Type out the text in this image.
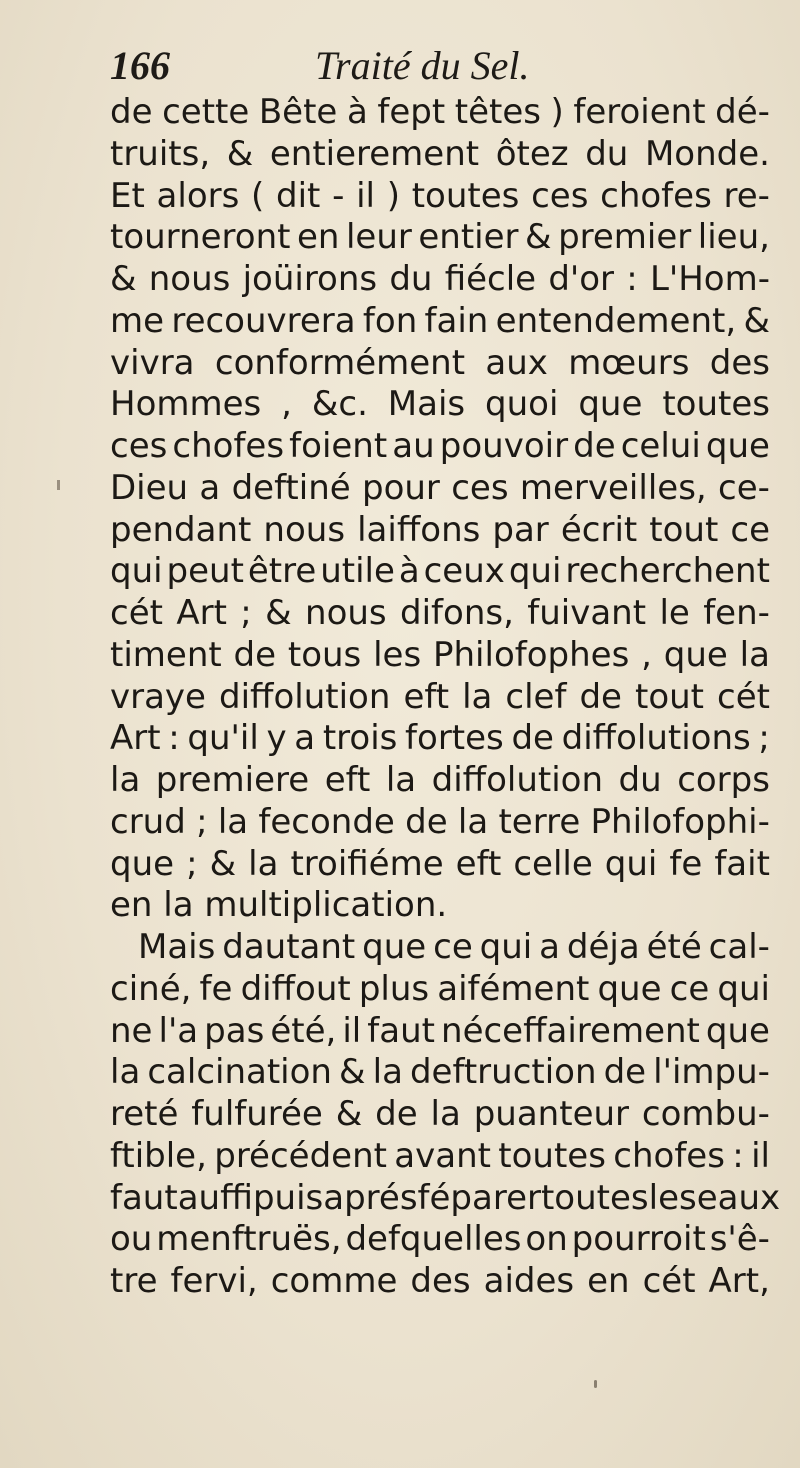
166	Traité du Sel.
de cette Bête à fept têtes ) feroient dé-
truits, & entierement ôtez du Monde.
Et alors ( dit - il ) toutes ces chofes re-
tourneront en leur entier & premier lieu,
& nous joüirons du fiécle d'or : L'Hom-
me recouvrera fon fain entendement, &
vivra conformément aux mœurs des
Hommes , &c. Mais quoi que toutes
ces chofes foient au pouvoir de celui que
Dieu a deftiné pour ces merveilles, ce-
pendant nous laiffons par écrit tout ce
qui peut être utile à ceux qui recherchent
cét Art ; & nous difons, fuivant le fen-
timent de tous les Philofophes , que la
vraye diffolution eft la clef de tout cét
Art : qu'il y a trois fortes de diffolutions ;
la premiere eft la diffolution du corps
crud ; la feconde de la terre Philofophi-
que ; & la troifiéme eft celle qui fe fait
en la multiplication.
Mais dautant que ce qui a déja été cal-
ciné, fe diffout plus aifément que ce qui
ne l'a pas été, il faut néceffairement que
la calcination & la deftruction de l'impu-
reté fulfurée & de la puanteur combu-
ftible, précédent avant toutes chofes : il
faut auffi puis aprés féparer toutes les eaux
ou menftruës, defquelles on pourroit s'ê-
tre fervi, comme des aides en cét Art,
